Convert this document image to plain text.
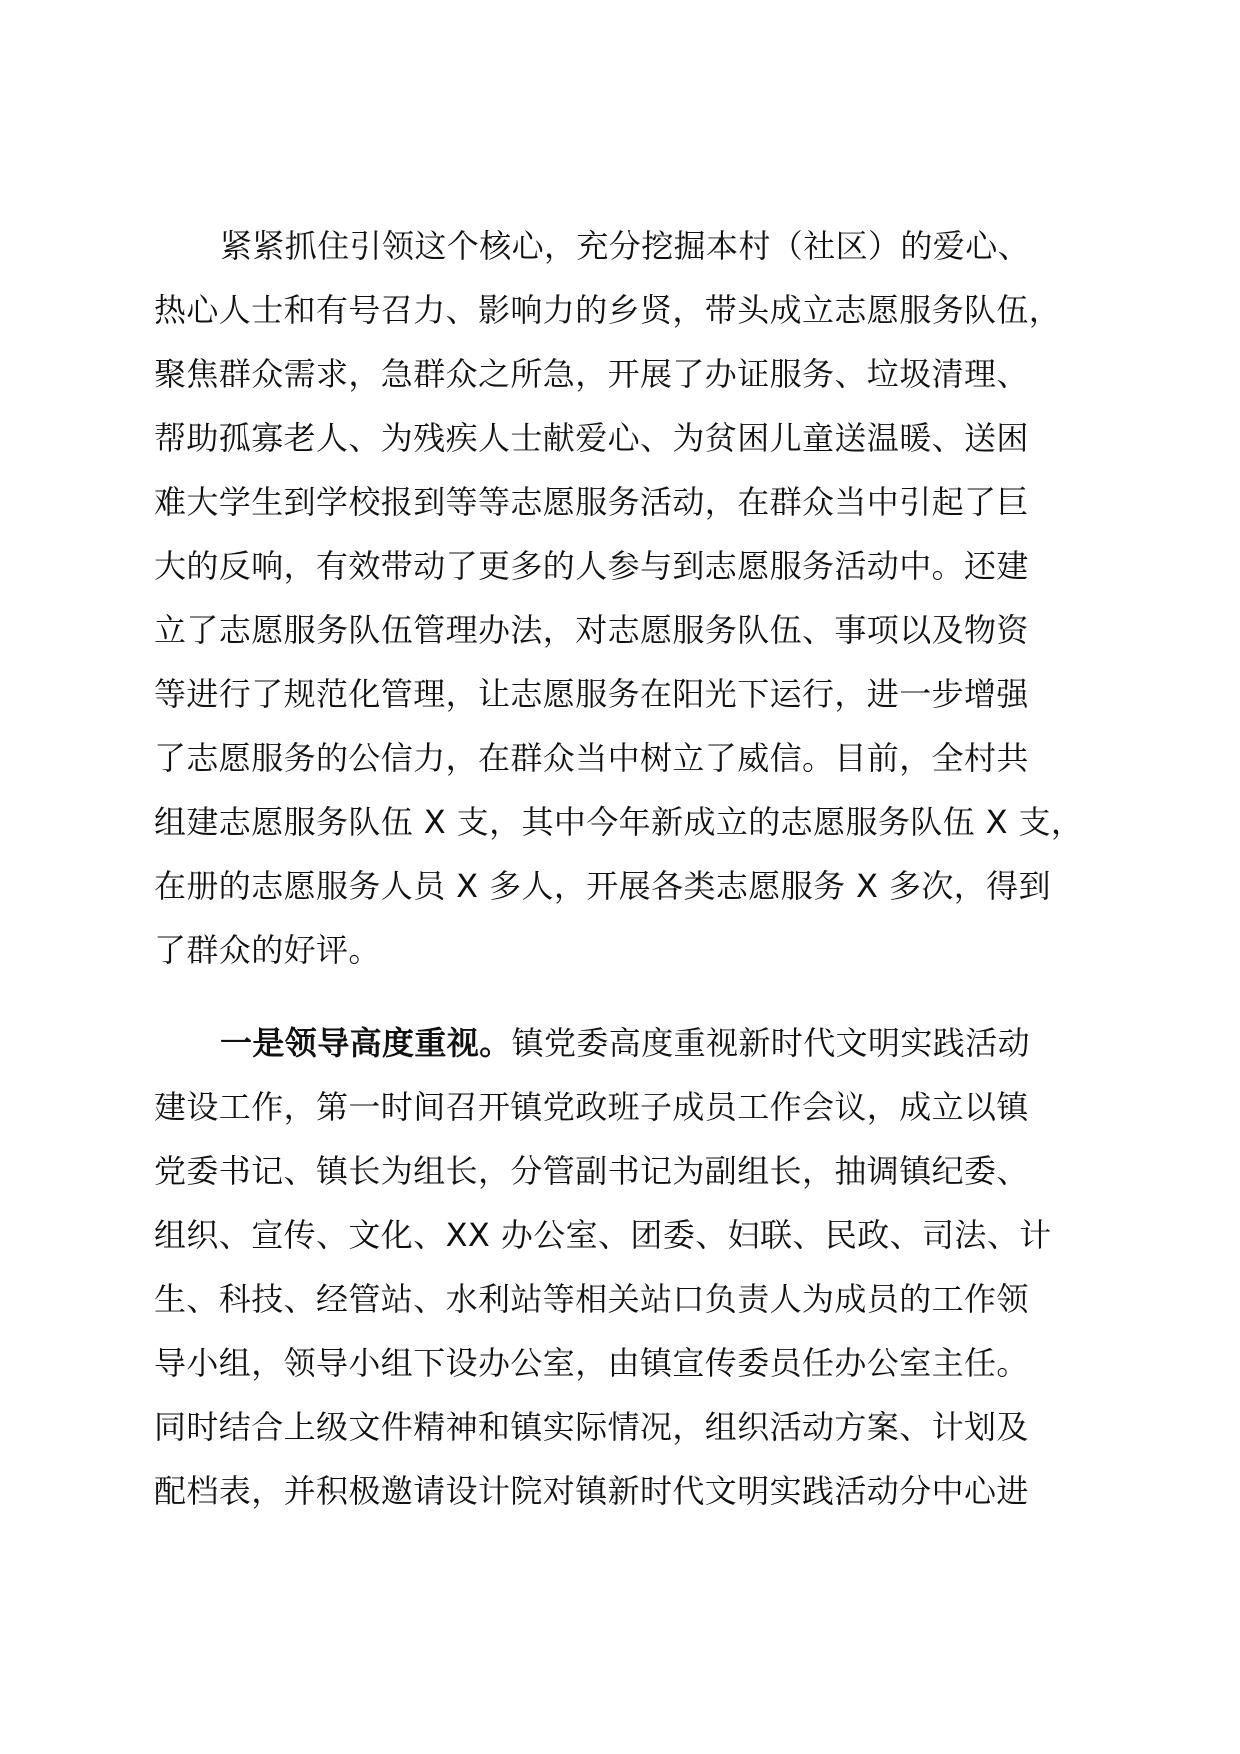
紧紧抓住引领这个核心，充分挖掘本村（社区）的爱心、
热心人士和有号召力、影响力的乡贤，带头成立志愿服务队伍，
聚焦群众需求，急群众之所急，开展了办证服务、垃圾清理、
帮助孤寡老人、为残疾人士献爱心、为贫困儿童送温暖、送困
难大学生到学校报到等等志愿服务活动，在群众当中引起了巨
大的反响，有效带动了更多的人参与到志愿服务活动中。还建
立了志愿服务队伍管理办法，对志愿服务队伍、事项以及物资
等进行了规范化管理，让志愿服务在阳光下运行，进一步增强
了志愿服务的公信力，在群众当中树立了威信。目前，全村共
组建志愿服务队伍 X 支，其中今年新成立的志愿服务队伍 X 支，
在册的志愿服务人员 X 多人，开展各类志愿服务 X 多次，得到
了群众的好评。
一是领导高度重视。镇党委高度重视新时代文明实践活动
建设工作，第一时间召开镇党政班子成员工作会议，成立以镇
党委书记、镇长为组长，分管副书记为副组长，抽调镇纪委、
组织、宣传、文化、XX 办公室、团委、妇联、民政、司法、计
生、科技、经管站、水利站等相关站口负责人为成员的工作领
导小组，领导小组下设办公室，由镇宣传委员任办公室主任。
同时结合上级文件精神和镇实际情况，组织活动方案、计划及
配档表，并积极邀请设计院对镇新时代文明实践活动分中心进
